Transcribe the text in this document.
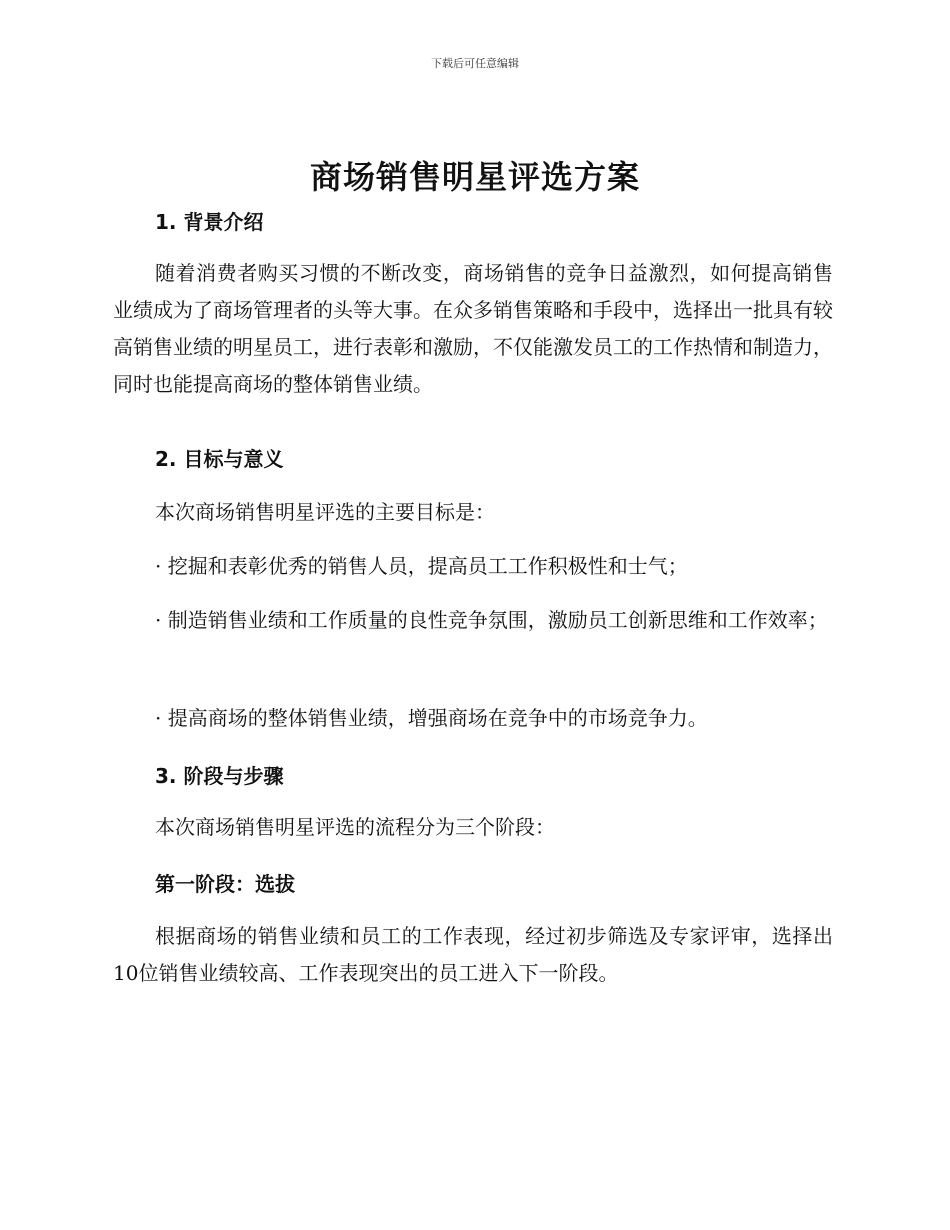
下载后可任意编辑
商场销售明星评选方案
1. 背景介绍

随着消费者购买习惯的不断改变，商场销售的竞争日益激烈，如何提高销售业绩成为了商场管理者的头等大事。在众多销售策略和手段中，选择出一批具有较高销售业绩的明星员工，进行表彰和激励，不仅能激发员工的工作热情和制造力，同时也能提高商场的整体销售业绩。

2. 目标与意义

本次商场销售明星评选的主要目标是：

· 挖掘和表彰优秀的销售人员，提高员工工作积极性和士气；

· 制造销售业绩和工作质量的良性竞争氛围，激励员工创新思维和工作效率；

· 提高商场的整体销售业绩，增强商场在竞争中的市场竞争力。

3. 阶段与步骤

本次商场销售明星评选的流程分为三个阶段：

第一阶段：选拔

根据商场的销售业绩和员工的工作表现，经过初步筛选及专家评审，选择出10位销售业绩较高、工作表现突出的员工进入下一阶段。
